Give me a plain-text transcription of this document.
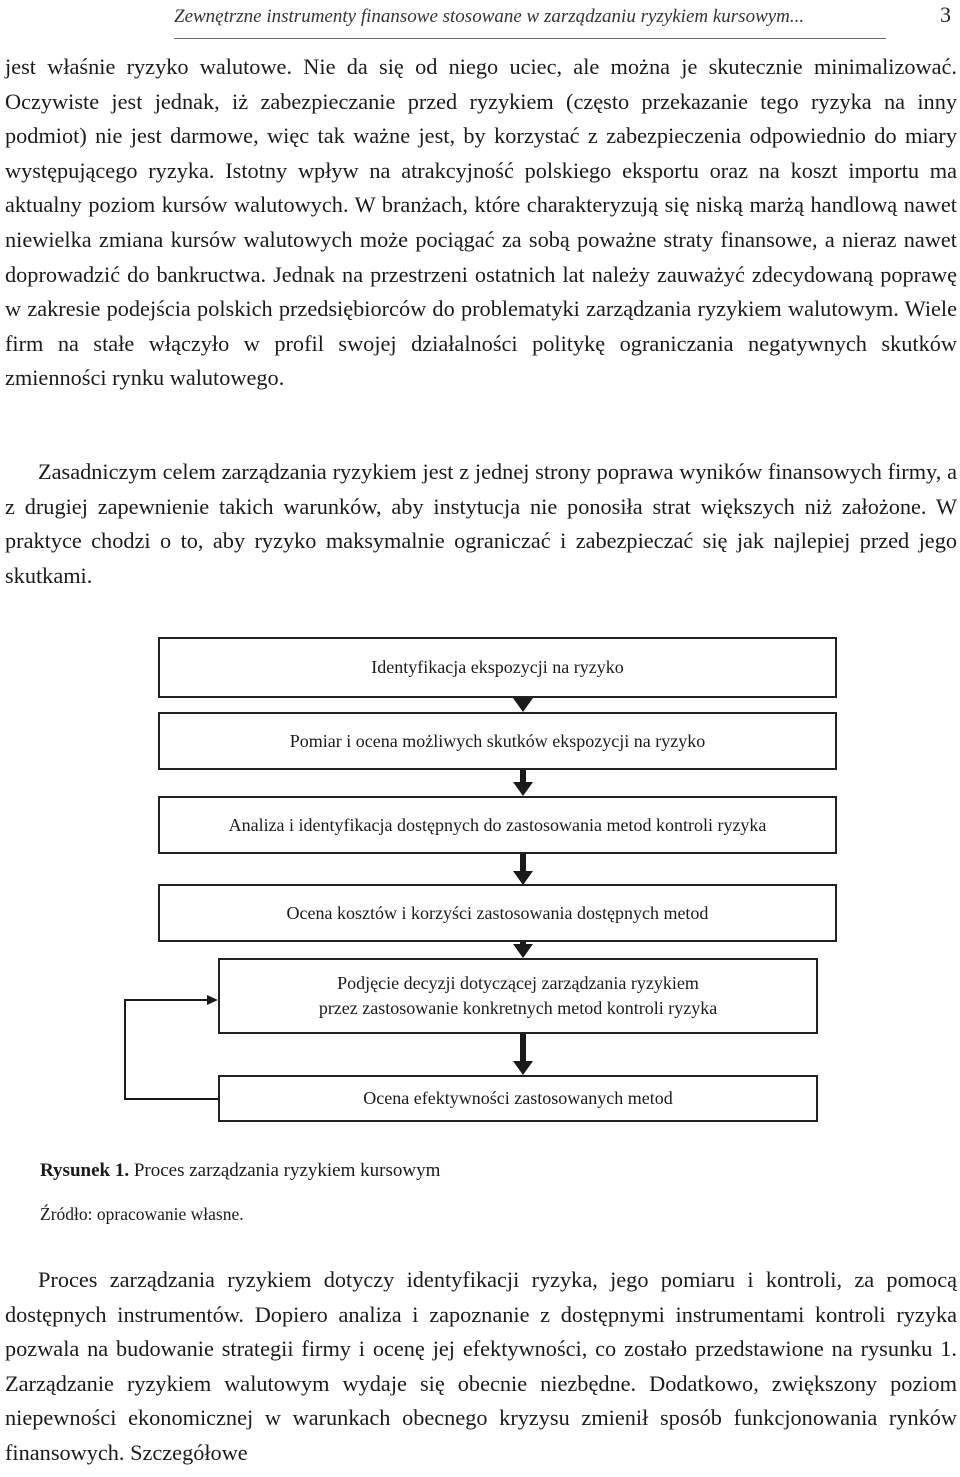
Zewnętrzne instrumenty finansowe stosowane w zarządzaniu ryzykiem kursowym...	3

jest właśnie ryzyko walutowe. Nie da się od niego uciec, ale można je skutecznie minimalizować. Oczywiste jest jednak, iż zabezpieczanie przed ryzykiem (często przekazanie tego ryzyka na inny podmiot) nie jest darmowe, więc tak ważne jest, by korzystać z zabezpieczenia odpowiednio do miary występującego ryzyka. Istotny wpływ na atrakcyjność polskiego eksportu oraz na koszt importu ma aktualny poziom kursów walutowych. W branżach, które charakteryzują się niską marżą handlową nawet niewielka zmiana kursów walutowych może pociągać za sobą poważne straty finansowe, a nieraz nawet doprowadzić do bankructwa. Jednak na przestrzeni ostatnich lat należy zauważyć zdecydowaną poprawę w zakresie podejścia polskich przedsiębiorców do problematyki zarządzania ryzykiem walutowym. Wiele firm na stałe włączyło w profil swojej działalności politykę ograniczania negatywnych skutków zmienności rynku walutowego.

Zasadniczym celem zarządzania ryzykiem jest z jednej strony poprawa wyników finansowych firmy, a z drugiej zapewnienie takich warunków, aby instytucja nie ponosiła strat większych niż założone. W praktyce chodzi o to, aby ryzyko maksymalnie ograniczać i zabezpieczać się jak najlepiej przed jego skutkami.

Identyfikacja ekspozycji na ryzyko
Pomiar i ocena możliwych skutków ekspozycji na ryzyko
Analiza i identyfikacja dostępnych do zastosowania metod kontroli ryzyka
Ocena kosztów i korzyści zastosowania dostępnych metod
Podjęcie decyzji dotyczącej zarządzania ryzykiem
przez zastosowanie konkretnych metod kontroli ryzyka
Ocena efektywności zastosowanych metod
Rysunek 1. Proces zarządzania ryzykiem kursowym
Źródło: opracowanie własne.

Proces zarządzania ryzykiem dotyczy identyfikacji ryzyka, jego pomiaru i kontroli, za pomocą dostępnych instrumentów. Dopiero analiza i zapoznanie z dostępnymi instrumentami kontroli ryzyka pozwala na budowanie strategii firmy i ocenę jej efektywności, co zostało przedstawione na rysunku 1. Zarządzanie ryzykiem walutowym wydaje się obecnie niezbędne. Dodatkowo, zwiększony poziom niepewności ekonomicznej w warunkach obecnego kryzysu zmienił sposób funkcjonowania rynków finansowych. Szczegółowe
